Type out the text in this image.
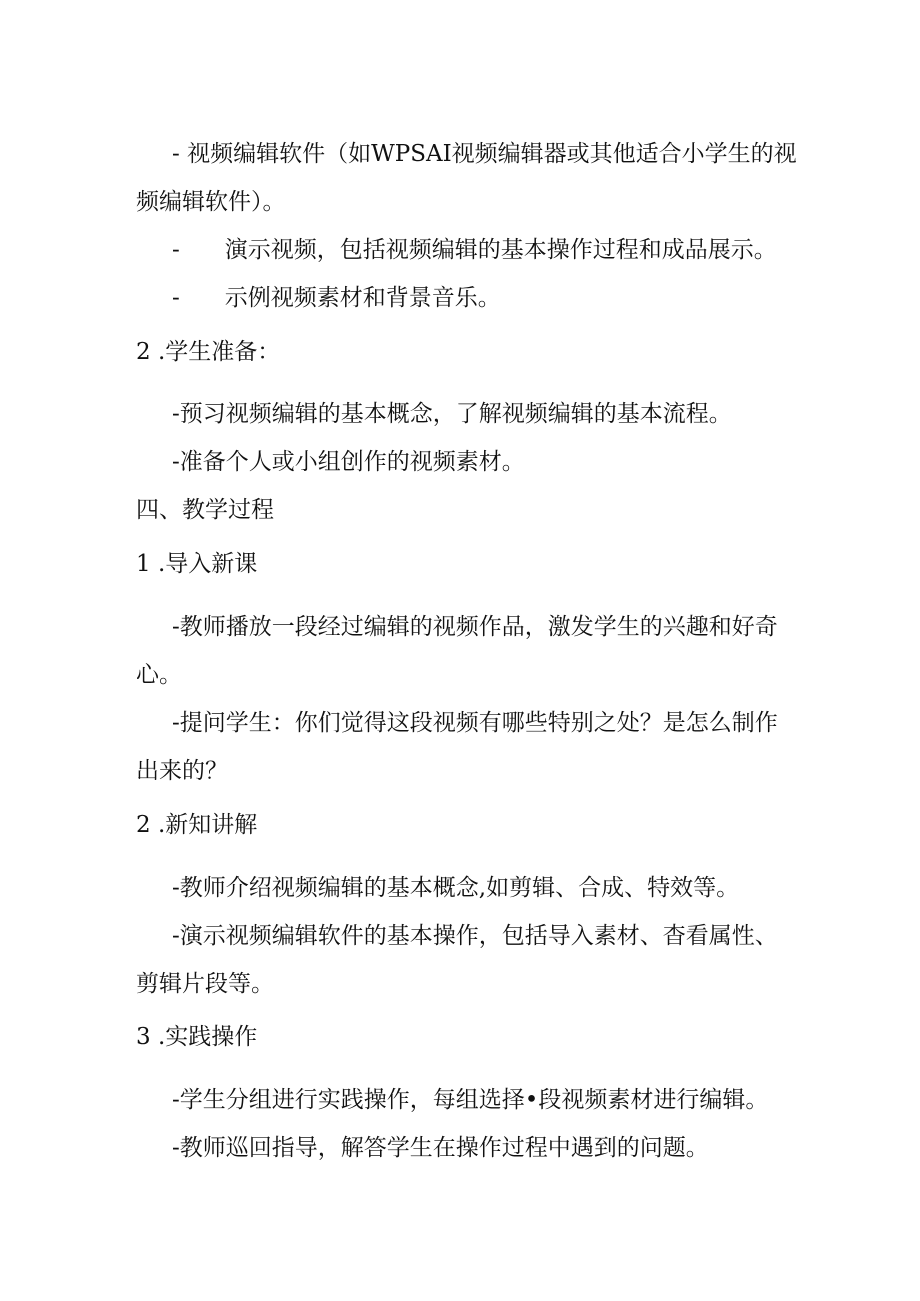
- 视频编辑软件（如WPSAI视频编辑器或其他适合小学生的视
频编辑软件）。
- 演示视频，包括视频编辑的基本操作过程和成品展示。
- 示例视频素材和背景音乐。
2 .学生准备：
-预习视频编辑的基本概念，了解视频编辑的基本流程。
-准备个人或小组创作的视频素材。
四、教学过程
1 .导入新课
-教师播放一段经过编辑的视频作品，激发学生的兴趣和好奇
心。
-提问学生：你们觉得这段视频有哪些特别之处？是怎么制作
出来的？
2 .新知讲解
-教师介绍视频编辑的基本概念,如剪辑、合成、特效等。
-演示视频编辑软件的基本操作，包括导入素材、杳看属性、
剪辑片段等。
3 .实践操作
-学生分组进行实践操作，每组选择•段视频素材进行编辑。
-教师巡回指导，解答学生在操作过程中遇到的问题。
